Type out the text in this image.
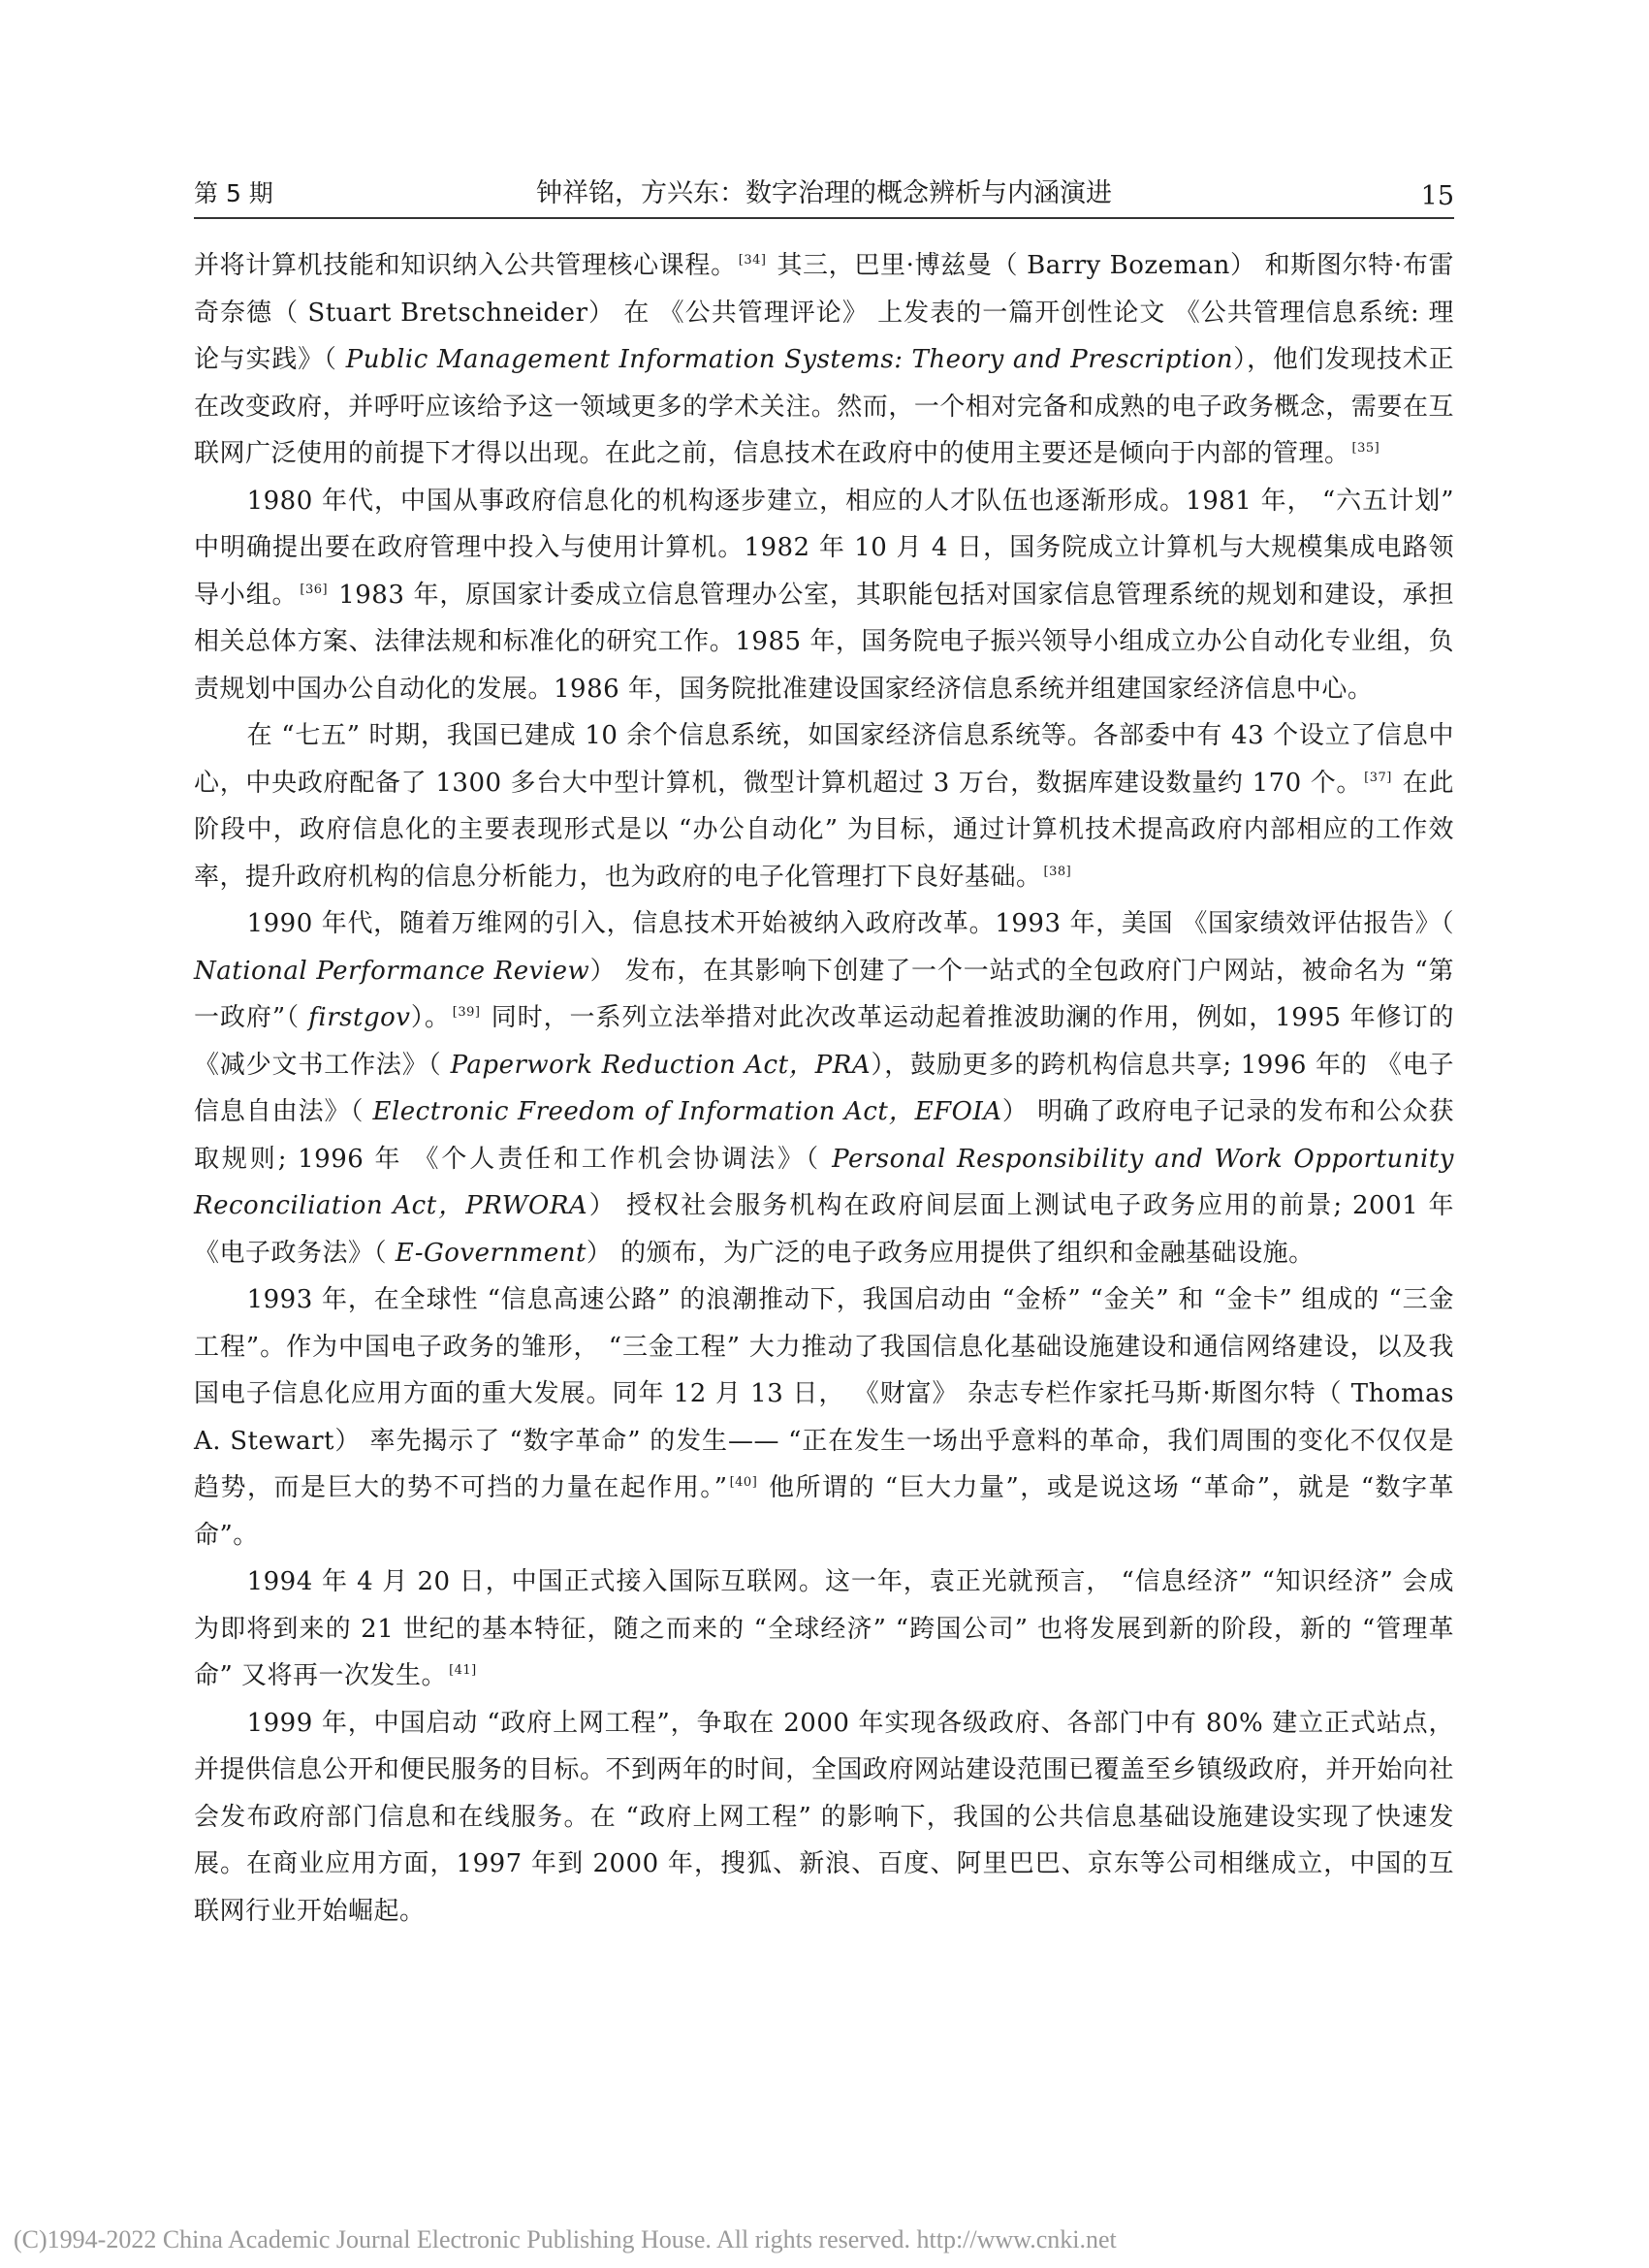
第 5 期	钟祥铭，方兴东：数字治理的概念辨析与内涵演进	15

并将计算机技能和知识纳入公共管理核心课程。 [34] 其三，巴里·博兹曼（ Barry Bozeman） 和斯图尔特·布雷奇奈德（ Stuart Bretschneider） 在 《公共管理评论》 上发表的一篇开创性论文 《公共管理信息系统: 理论与实践》（ Public Management Information Systems: Theory and Prescription），他们发现技术正在改变政府，并呼吁应该给予这一领域更多的学术关注。然而，一个相对完备和成熟的电子政务概念，需要在互联网广泛使用的前提下才得以出现。在此之前，信息技术在政府中的使用主要还是倾向于内部的管理。 [35]

1980 年代，中国从事政府信息化的机构逐步建立，相应的人才队伍也逐渐形成。1981 年， “六五计划” 中明确提出要在政府管理中投入与使用计算机。1982 年 10 月 4 日，国务院成立计算机与大规模集成电路领导小组。 [36] 1983 年，原国家计委成立信息管理办公室，其职能包括对国家信息管理系统的规划和建设，承担相关总体方案、法律法规和标准化的研究工作。1985 年，国务院电子振兴领导小组成立办公自动化专业组，负责规划中国办公自动化的发展。1986 年，国务院批准建设国家经济信息系统并组建国家经济信息中心。

在 “七五” 时期，我国已建成 10 余个信息系统，如国家经济信息系统等。各部委中有 43 个设立了信息中心，中央政府配备了 1300 多台大中型计算机，微型计算机超过 3 万台，数据库建设数量约 170 个。 [37] 在此阶段中，政府信息化的主要表现形式是以 “办公自动化” 为目标，通过计算机技术提高政府内部相应的工作效率，提升政府机构的信息分析能力，也为政府的电子化管理打下良好基础。 [38]

1990 年代，随着万维网的引入，信息技术开始被纳入政府改革。1993 年，美国 《国家绩效评估报告》（ National Performance Review） 发布，在其影响下创建了一个一站式的全包政府门户网站，被命名为 “第一政府”（ firstgov）。 [39] 同时，一系列立法举措对此次改革运动起着推波助澜的作用，例如，1995 年修订的 《减少文书工作法》（ Paperwork Reduction Act，PRA），鼓励更多的跨机构信息共享; 1996 年的 《电子信息自由法》（ Electronic Freedom of Information Act，EFOIA） 明确了政府电子记录的发布和公众获取规则; 1996 年 《个人责任和工作机会协调法》（ Personal Responsibility and Work Opportunity Reconciliation Act，PRWORA） 授权社会服务机构在政府间层面上测试电子政务应用的前景; 2001 年 《电子政务法》（ E-Government） 的颁布，为广泛的电子政务应用提供了组织和金融基础设施。

1993 年，在全球性 “信息高速公路” 的浪潮推动下，我国启动由 “金桥” “金关” 和 “金卡” 组成的 “三金工程”。作为中国电子政务的雏形， “三金工程” 大力推动了我国信息化基础设施建设和通信网络建设，以及我国电子信息化应用方面的重大发展。同年 12 月 13 日， 《财富》 杂志专栏作家托马斯·斯图尔特（ Thomas A. Stewart） 率先揭示了 “数字革命” 的发生—— “正在发生一场出乎意料的革命，我们周围的变化不仅仅是趋势，而是巨大的势不可挡的力量在起作用。” [40] 他所谓的 “巨大力量”，或是说这场 “革命”，就是 “数字革命”。

1994 年 4 月 20 日，中国正式接入国际互联网。这一年，袁正光就预言， “信息经济” “知识经济” 会成为即将到来的 21 世纪的基本特征，随之而来的 “全球经济” “跨国公司” 也将发展到新的阶段，新的 “管理革命” 又将再一次发生。 [41]

1999 年，中国启动 “政府上网工程”，争取在 2000 年实现各级政府、各部门中有 80% 建立正式站点，并提供信息公开和便民服务的目标。不到两年的时间，全国政府网站建设范围已覆盖至乡镇级政府，并开始向社会发布政府部门信息和在线服务。在 “政府上网工程” 的影响下，我国的公共信息基础设施建设实现了快速发展。在商业应用方面，1997 年到 2000 年，搜狐、新浪、百度、阿里巴巴、京东等公司相继成立，中国的互联网行业开始崛起。

(C)1994-2022 China Academic Journal Electronic Publishing House. All rights reserved. http://www.cnki.net
